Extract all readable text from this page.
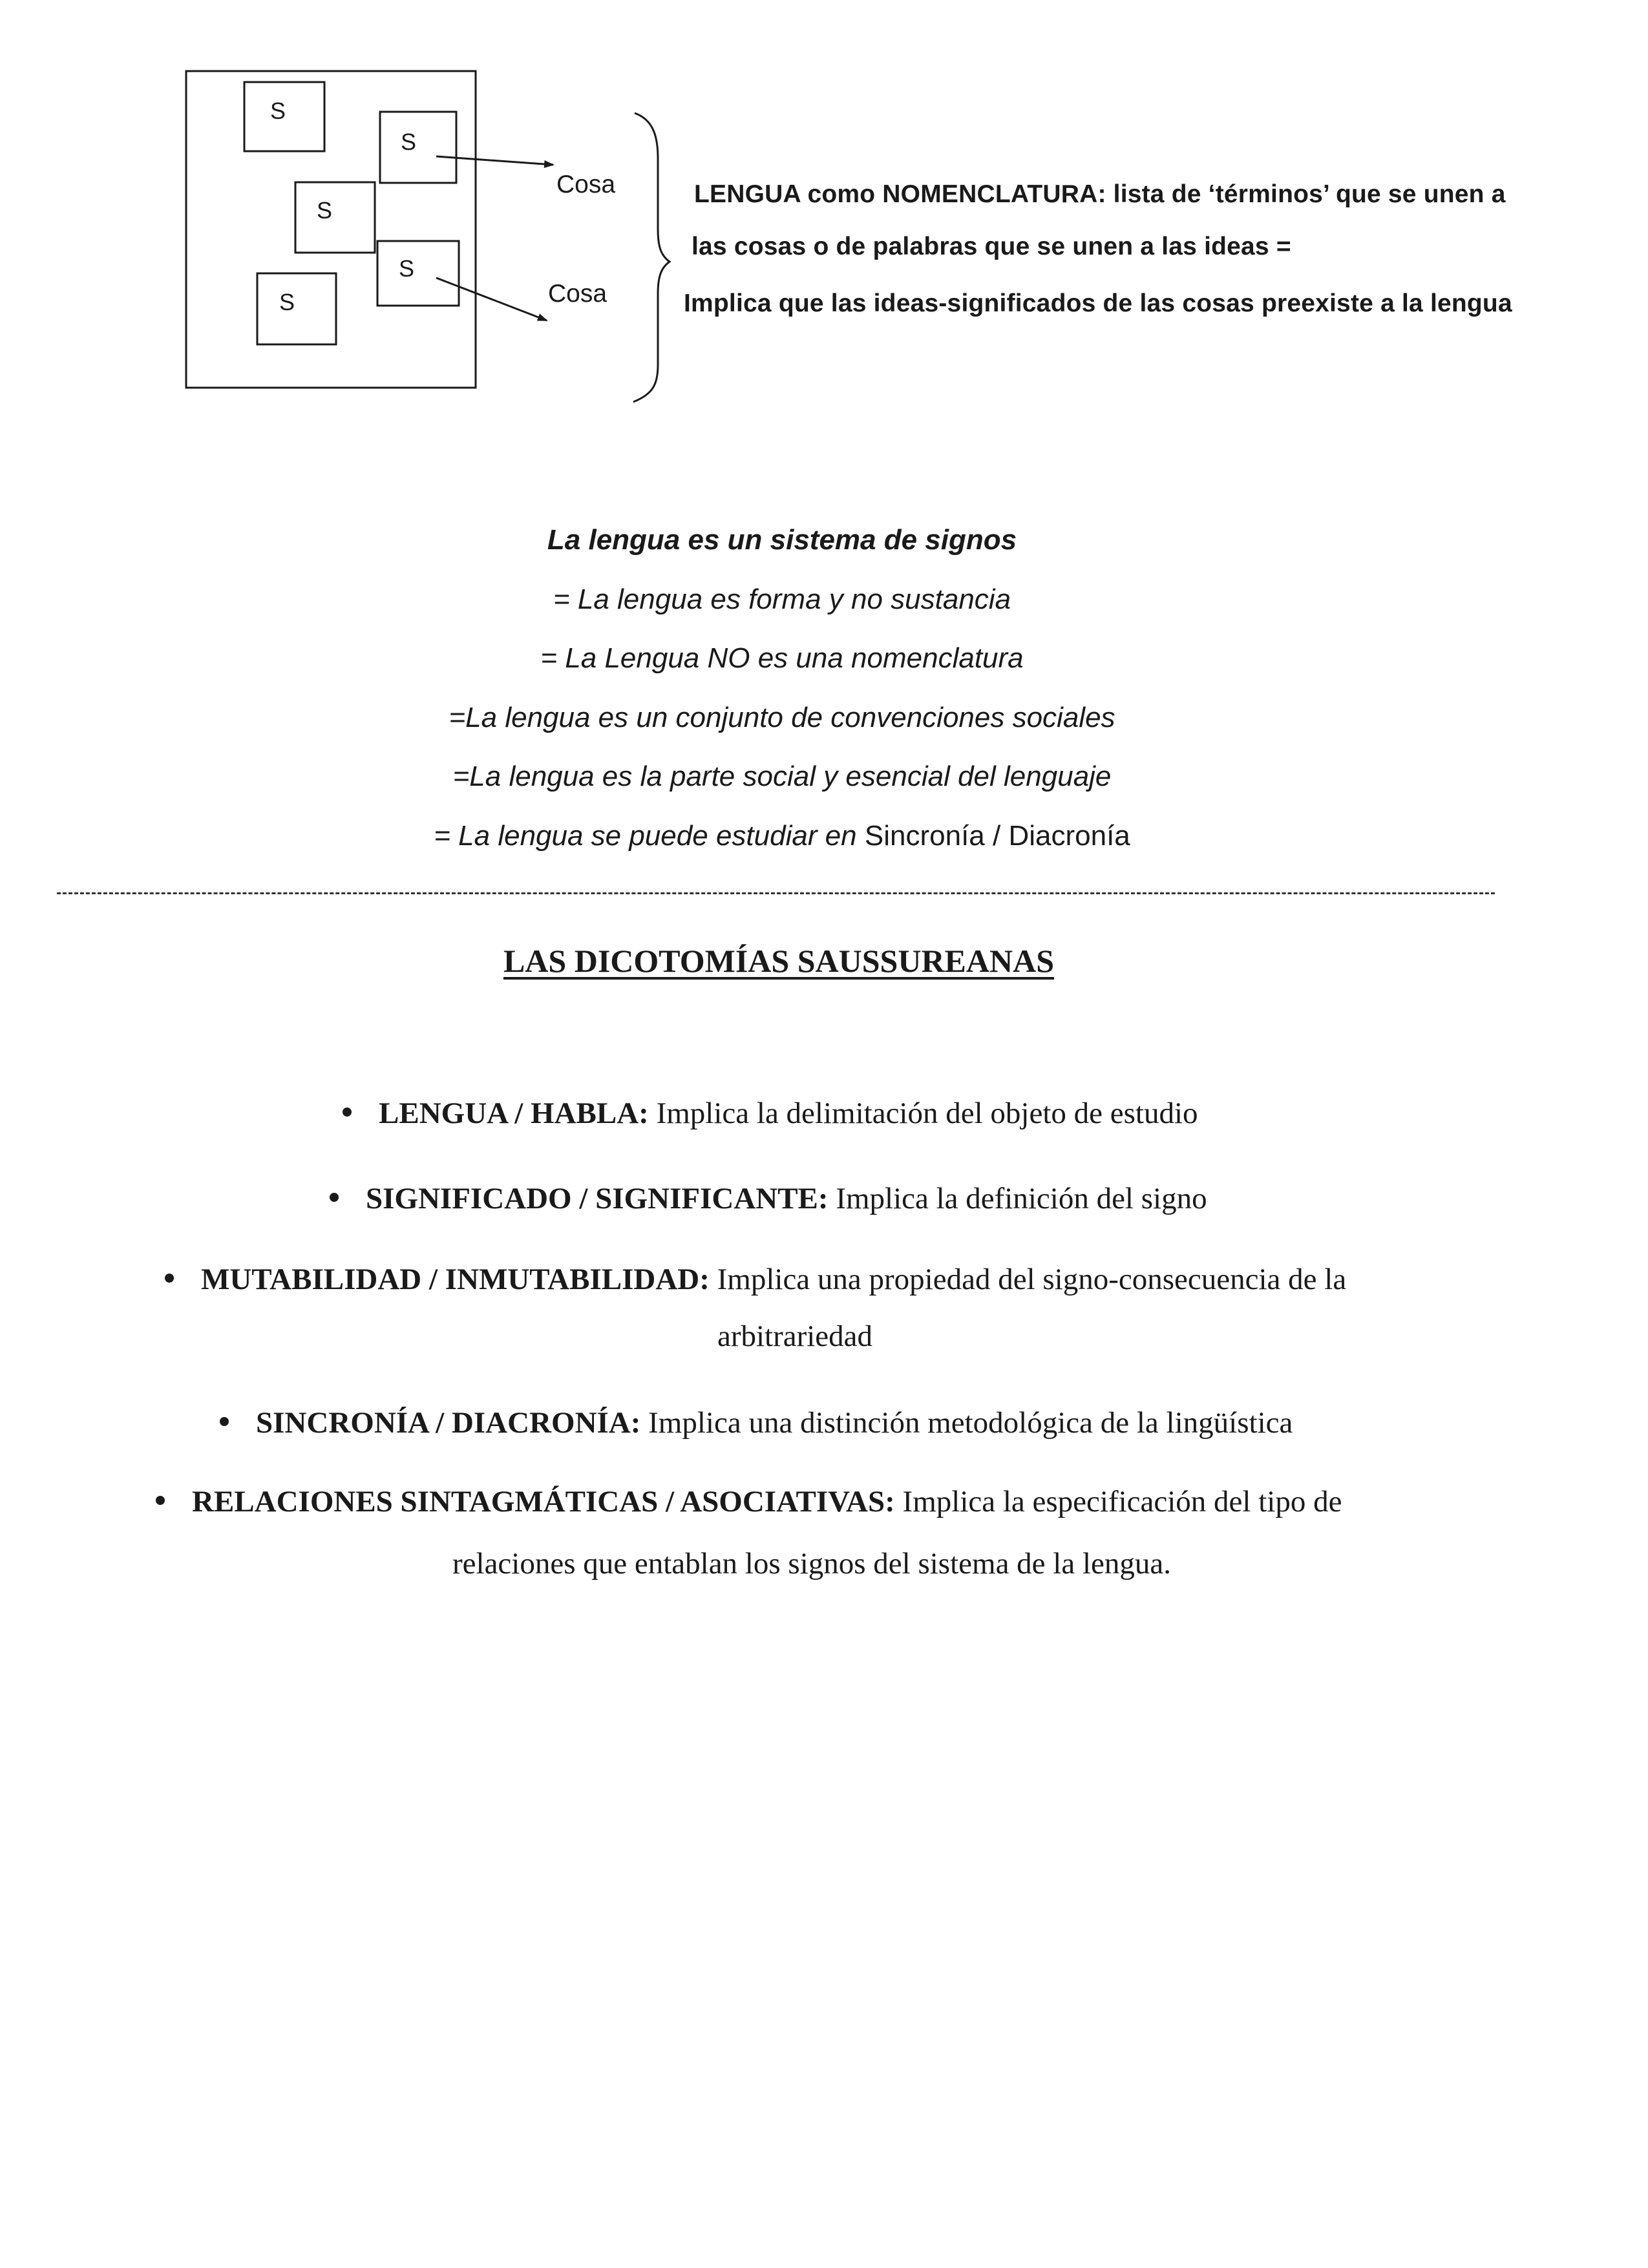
S
S
S
S
S
Cosa
Cosa
LENGUA como NOMENCLATURA: lista de ‘términos’ que se unen a
las cosas o de palabras que se unen a las ideas =
Implica que las ideas-significados de las cosas preexiste a la lengua
La lengua es un sistema de signos
= La lengua es forma y no sustancia
= La Lengua NO es una nomenclatura
=La lengua es un conjunto de convenciones sociales
=La lengua es la parte social y esencial del lenguaje
= La lengua se puede estudiar en Sincronía / Diacronía
LAS DICOTOMÍAS SAUSSUREANAS
LENGUA / HABLA: Implica la delimitación del objeto de estudio
SIGNIFICADO / SIGNIFICANTE: Implica la definición del signo
MUTABILIDAD / INMUTABILIDAD: Implica una propiedad del signo-consecuencia de la
arbitrariedad
SINCRONÍA / DIACRONÍA: Implica una distinción metodológica de la lingüística
RELACIONES SINTAGMÁTICAS / ASOCIATIVAS: Implica la especificación del tipo de
relaciones que entablan los signos del sistema de la lengua.
